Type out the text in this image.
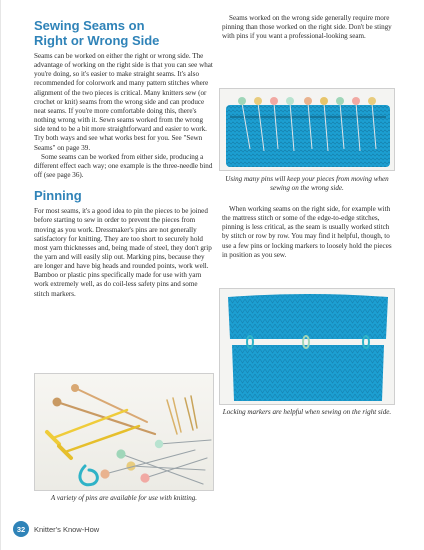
Sewing Seams on
Right or Wrong Side

Seams can be worked on either the right or wrong side. The advantage of working on the right side is that you can see what you're doing, so it's easier to make straight seams. It's also recommended for colorwork and many pattern stitches where alignment of the two pieces is critical. Many knitters sew (or crochet or knit) seams from the wrong side and can produce neat seams. If you're more comfortable doing this, there's nothing wrong with it. Sewn seams worked from the wrong side tend to be a bit more straightforward and easier to work. Try both ways and see what works best for you. See "Sewn Seams" on page 39.

Some seams can be worked from either side, producing a different effect each way; one example is the three-needle bind off (see page 36).

Pinning

For most seams, it's a good idea to pin the pieces to be joined before starting to sew in order to prevent the pieces from moving as you work. Dressmaker's pins are not generally satisfactory for knitting. They are too short to securely hold most yarn thicknesses and, being made of steel, they don't grip the yarn and will easily slip out. Marking pins, because they are longer and have big heads and rounded points, work well. Bamboo or plastic pins specifically made for use with yarn work extremely well, as do coil-less safety pins and some stitch markers.

A variety of pins are available for use with knitting.

Seams worked on the wrong side generally require more pinning than those worked on the right side. Don't be stingy with pins if you want a professional-looking seam.

Using many pins will keep your pieces from moving when sewing on the wrong side.

When working seams on the right side, for example with the mattress stitch or some of the edge-to-edge stitches, pinning is less critical, as the seam is usually worked stitch by stitch or row by row. You may find it helpful, though, to use a few pins or locking markers to loosely hold the pieces in position as you sew.

Locking markers are helpful when sewing on the right side.

32	Knitter's Know-How
